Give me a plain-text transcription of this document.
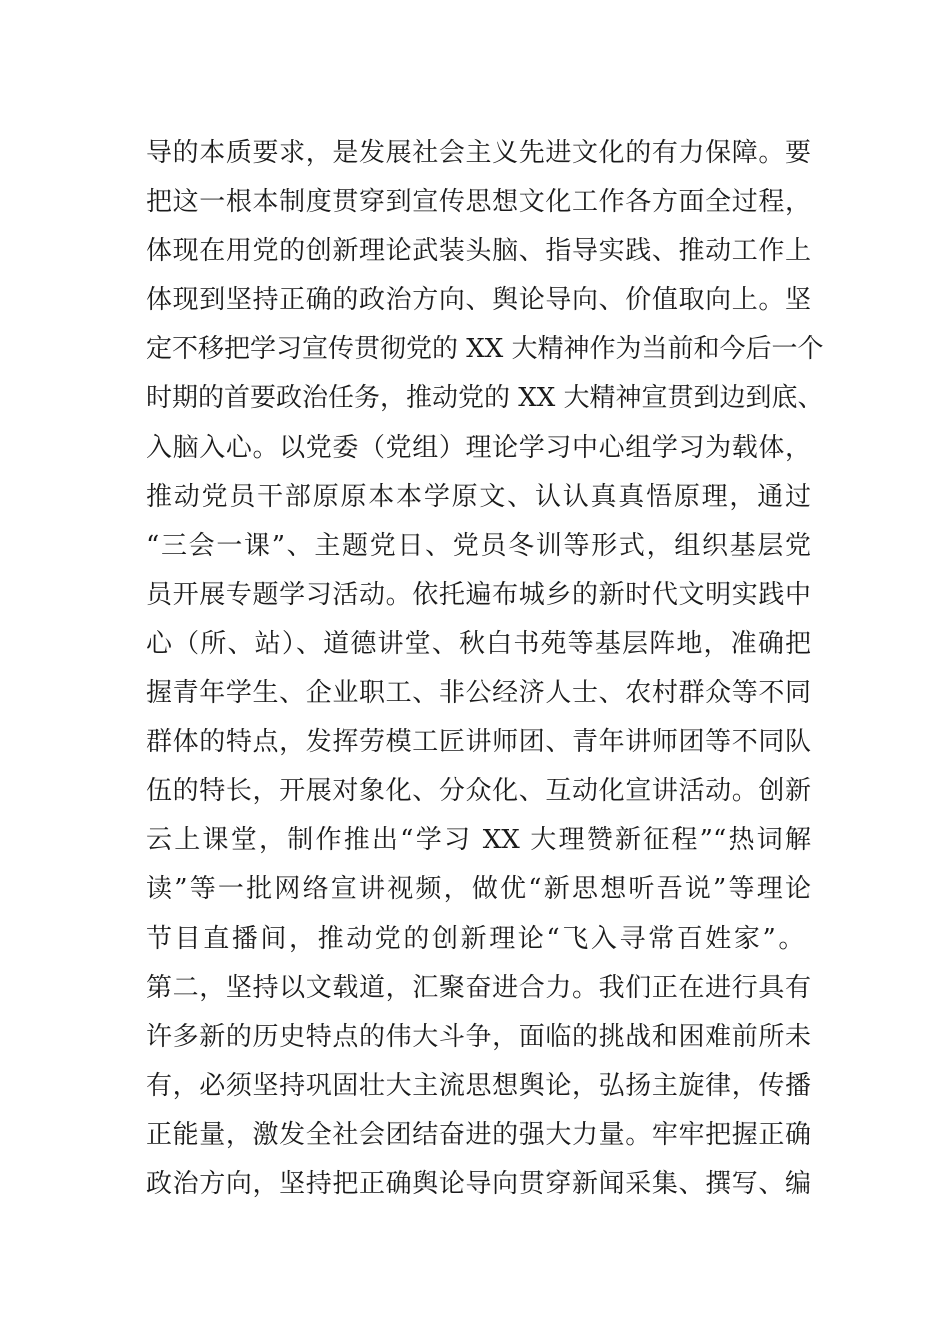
导的本质要求，是发展社会主义先进文化的有力保障。要
把这一根本制度贯穿到宣传思想文化工作各方面全过程，
体现在用党的创新理论武装头脑、指导实践、推动工作上
体现到坚持正确的政治方向、舆论导向、价值取向上。坚
定不移把学习宣传贯彻党的 XX 大精神作为当前和今后一个
时期的首要政治任务，推动党的 XX 大精神宣贯到边到底、
入脑入心。以党委（党组）理论学习中心组学习为载体，
推动党员干部原原本本学原文、认认真真悟原理，通过
“三会一课”、主题党日、党员冬训等形式，组织基层党
员开展专题学习活动。依托遍布城乡的新时代文明实践中
心（所、站）、道德讲堂、秋白书苑等基层阵地，准确把
握青年学生、企业职工、非公经济人士、农村群众等不同
群体的特点，发挥劳模工匠讲师团、青年讲师团等不同队
伍的特长，开展对象化、分众化、互动化宣讲活动。创新
云上课堂，制作推出“学习 XX 大理赞新征程”“热词解
读”等一批网络宣讲视频，做优“新思想听吾说”等理论
节目直播间，推动党的创新理论“飞入寻常百姓家”。
第二，坚持以文载道，汇聚奋进合力。我们正在进行具有
许多新的历史特点的伟大斗争，面临的挑战和困难前所未
有，必须坚持巩固壮大主流思想舆论，弘扬主旋律，传播
正能量，激发全社会团结奋进的强大力量。牢牢把握正确
政治方向，坚持把正确舆论导向贯穿新闻采集、撰写、编
